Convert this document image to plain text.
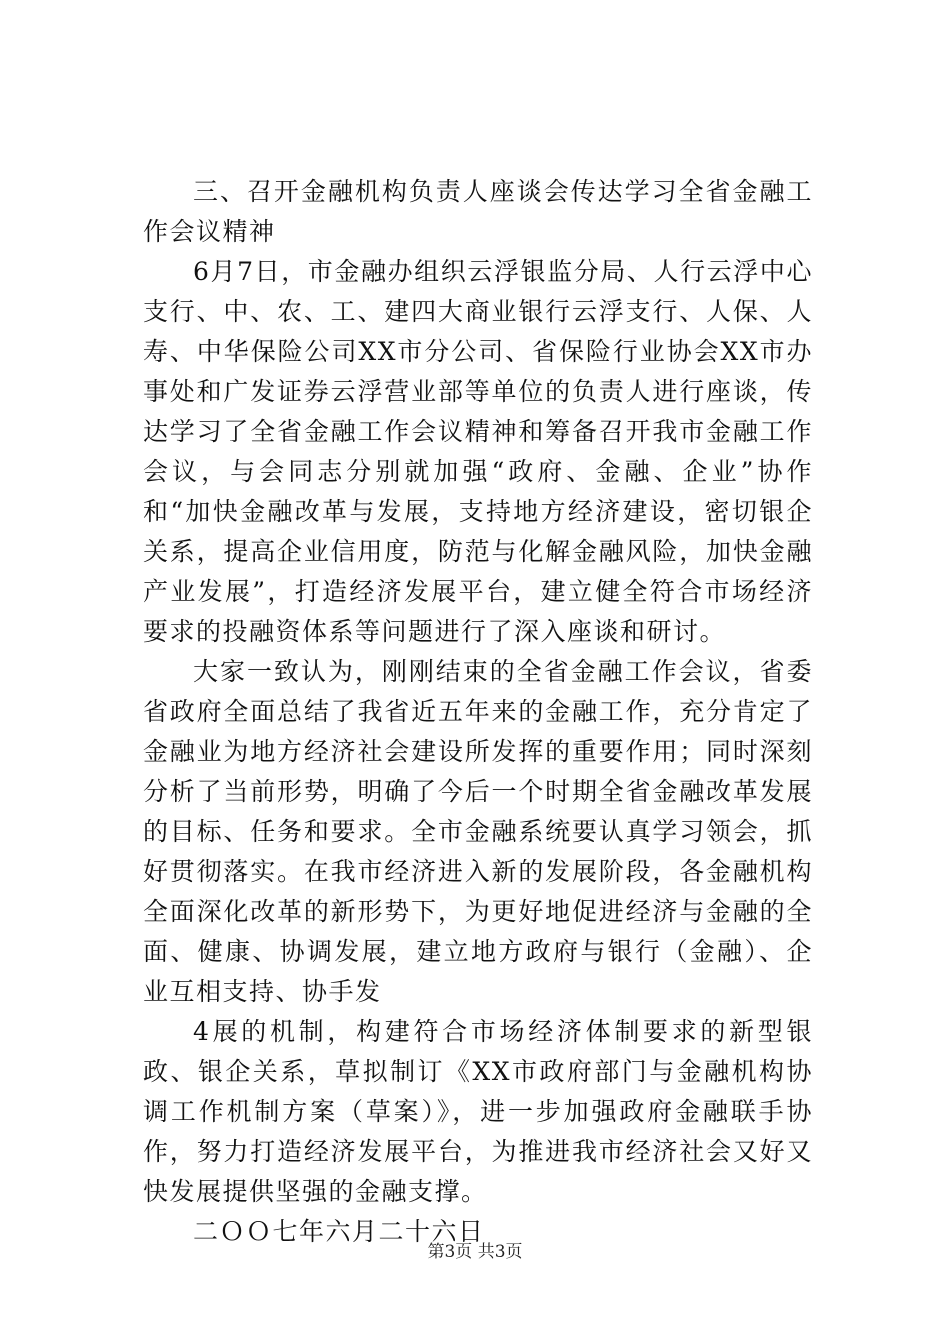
三、召开金融机构负责人座谈会传达学习全省金融工作会议精神

6月7日，市金融办组织云浮银监分局、人行云浮中心支行、中、农、工、建四大商业银行云浮支行、人保、人寿、中华保险公司XX市分公司、省保险行业协会XX市办事处和广发证券云浮营业部等单位的负责人进行座谈，传达学习了全省金融工作会议精神和筹备召开我市金融工作会议，与会同志分别就加强“政府、金融、企业”协作和“加快金融改革与发展，支持地方经济建设，密切银企关系，提高企业信用度，防范与化解金融风险，加快金融产业发展”，打造经济发展平台，建立健全符合市场经济要求的投融资体系等问题进行了深入座谈和研讨。

大家一致认为，刚刚结束的全省金融工作会议，省委省政府全面总结了我省近五年来的金融工作，充分肯定了金融业为地方经济社会建设所发挥的重要作用；同时深刻分析了当前形势，明确了今后一个时期全省金融改革发展的目标、任务和要求。全市金融系统要认真学习领会，抓好贯彻落实。在我市经济进入新的发展阶段，各金融机构全面深化改革的新形势下，为更好地促进经济与金融的全面、健康、协调发展，建立地方政府与银行（金融）、企业互相支持、协手发

4展的机制，构建符合市场经济体制要求的新型银政、银企关系，草拟制订《XX市政府部门与金融机构协调工作机制方案（草案）》，进一步加强政府金融联手协作，努力打造经济发展平台，为推进我市经济社会又好又快发展提供坚强的金融支撑。

二ＯＯ七年六月二十六日

第3页 共3页
